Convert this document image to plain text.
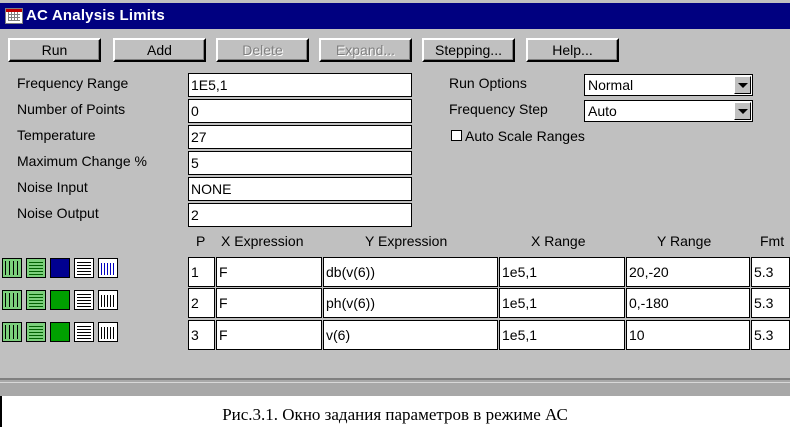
AC Analysis Limits
Run	Add	Delete	Expand...	Stepping...	Help...
Frequency Range	1E5,1
Number of Points	0
Temperature	27
Maximum Change %	5
Noise Input	NONE
Noise Output	2
Run Options	Normal
Frequency Step	Auto
Auto Scale Ranges
P X Expression	Y Expression	X Range	Y Range	Fmt
1	F	db(v(6))	1e5,1	20,-20	5.3
2	F	ph(v(6))	1e5,1	0,-180	5.3
3	F	v(6)	1e5,1	10	5.3
Рис.3.1. Окно задания параметров в режиме АС
